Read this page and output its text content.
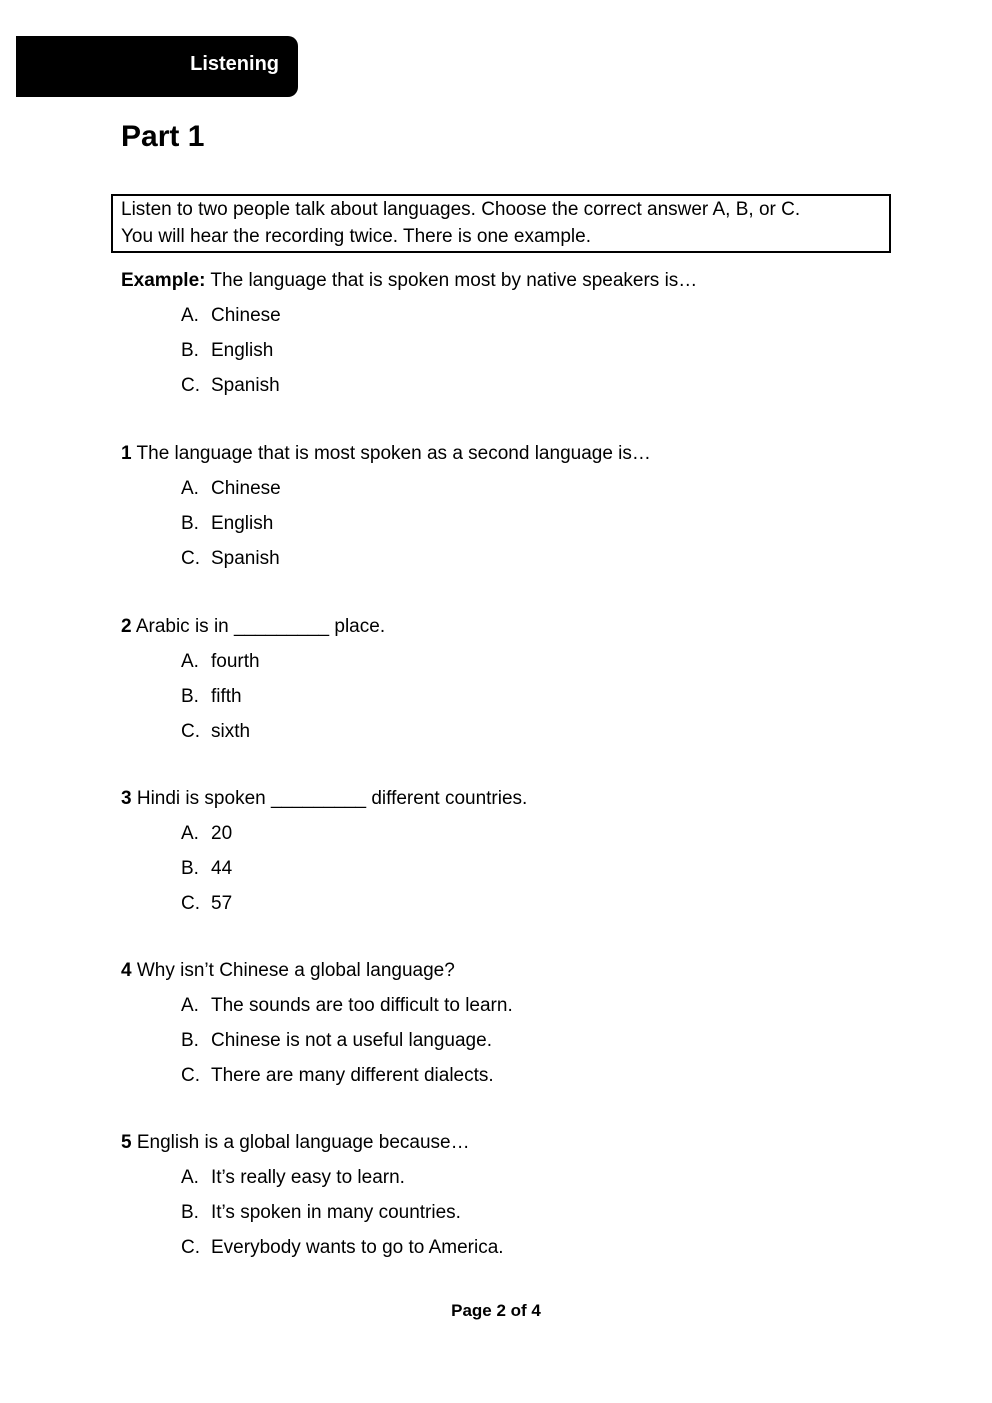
Listening
Part 1
Listen to two people talk about languages. Choose the correct answer A, B, or C.
You will hear the recording twice. There is one example.
Example: The language that is spoken most by native speakers is…
A. Chinese
B. English
C. Spanish
1 The language that is most spoken as a second language is…
A. Chinese
B. English
C. Spanish
2 Arabic is in _________ place.
A. fourth
B. fifth
C. sixth
3 Hindi is spoken _________ different countries.
A. 20
B. 44
C. 57
4 Why isn’t Chinese a global language?
A. The sounds are too difficult to learn.
B. Chinese is not a useful language.
C. There are many different dialects.
5 English is a global language because…
A. It’s really easy to learn.
B. It’s spoken in many countries.
C. Everybody wants to go to America.
Page 2 of 4
